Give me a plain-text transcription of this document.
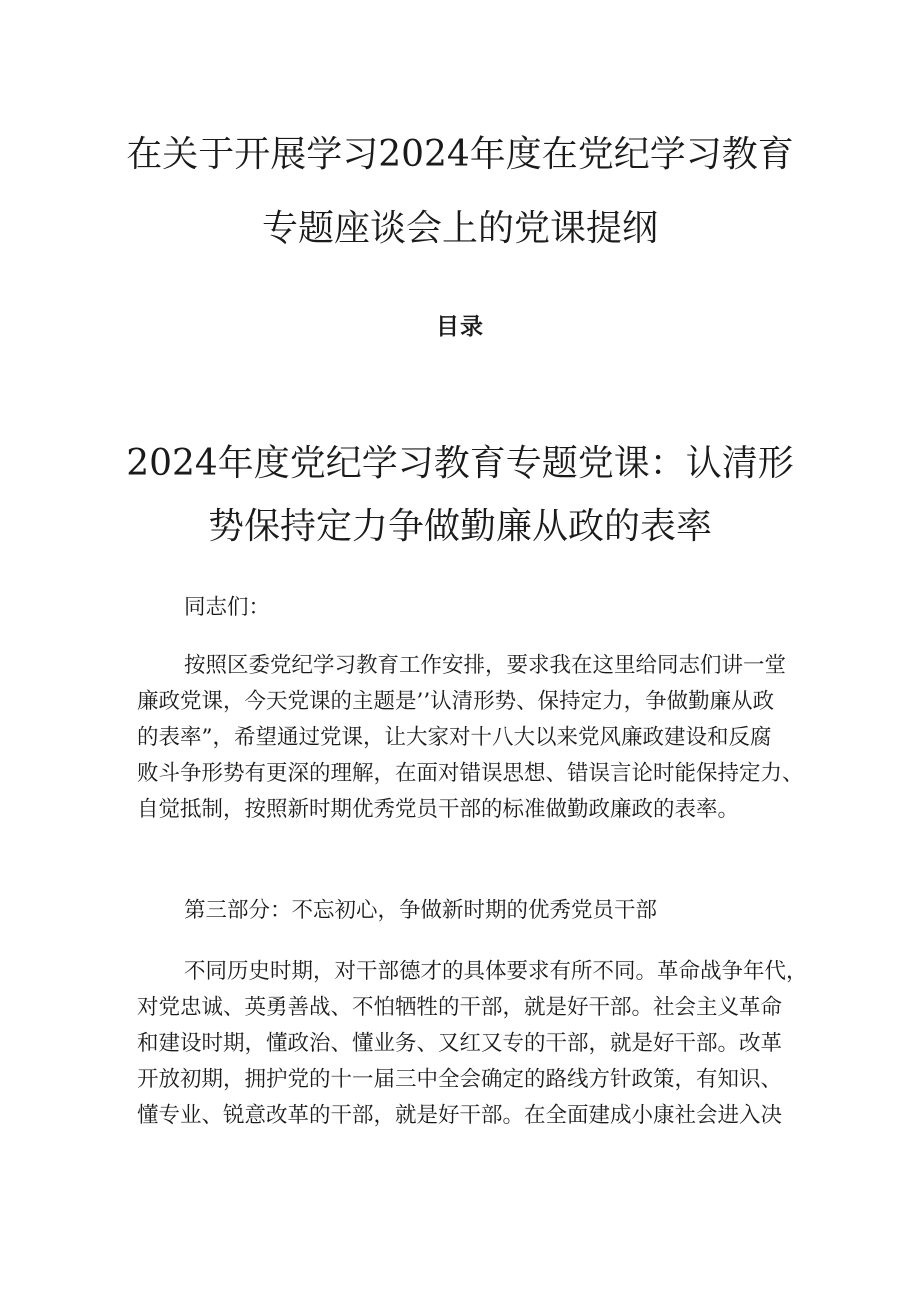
在关于开展学习2024年度在党纪学习教育
专题座谈会上的党课提纲
目录
2024年度党纪学习教育专题党课：认清形
势保持定力争做勤廉从政的表率

同志们：

按照区委党纪学习教育工作安排，要求我在这里给同志们讲一堂
廉政党课，今天党课的主题是’’认清形势、保持定力，争做勤廉从政
的表率”，希望通过党课，让大家对十八大以来党风廉政建设和反腐
败斗争形势有更深的理解，在面对错误思想、错误言论时能保持定力、
自觉抵制，按照新时期优秀党员干部的标准做勤政廉政的表率。

第三部分：不忘初心，争做新时期的优秀党员干部

不同历史时期，对干部德才的具体要求有所不同。革命战争年代，
对党忠诚、英勇善战、不怕牺牲的干部，就是好干部。社会主义革命
和建设时期，懂政治、懂业务、又红又专的干部，就是好干部。改革
开放初期，拥护党的十一届三中全会确定的路线方针政策，有知识、
懂专业、锐意改革的干部，就是好干部。在全面建成小康社会进入决
